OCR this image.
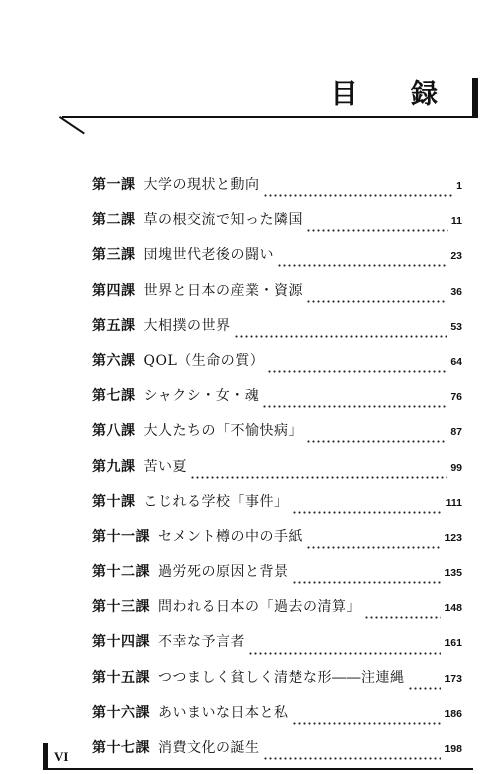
目 録
第一課 大学の現状と動向	1
第二課 草の根交流で知った隣国	11
第三課 団塊世代老後の闘い	23
第四課 世界と日本の産業・資源	36
第五課 大相撲の世界	53
第六課 QOL（生命の質）	64
第七課 シャクシ・女・魂	76
第八課 大人たちの「不愉快病」	87
第九課 苦い夏	99
第十課 こじれる学校「事件」	111
第十一課 セメント樽の中の手紙	123
第十二課 過労死の原因と背景	135
第十三課 問われる日本の「過去の清算」	148
第十四課 不幸な予言者	161
第十五課 つつましく貧しく清楚な形――注連縄	173
第十六課 あいまいな日本と私	186
第十七課 消費文化の誕生	198
VI
